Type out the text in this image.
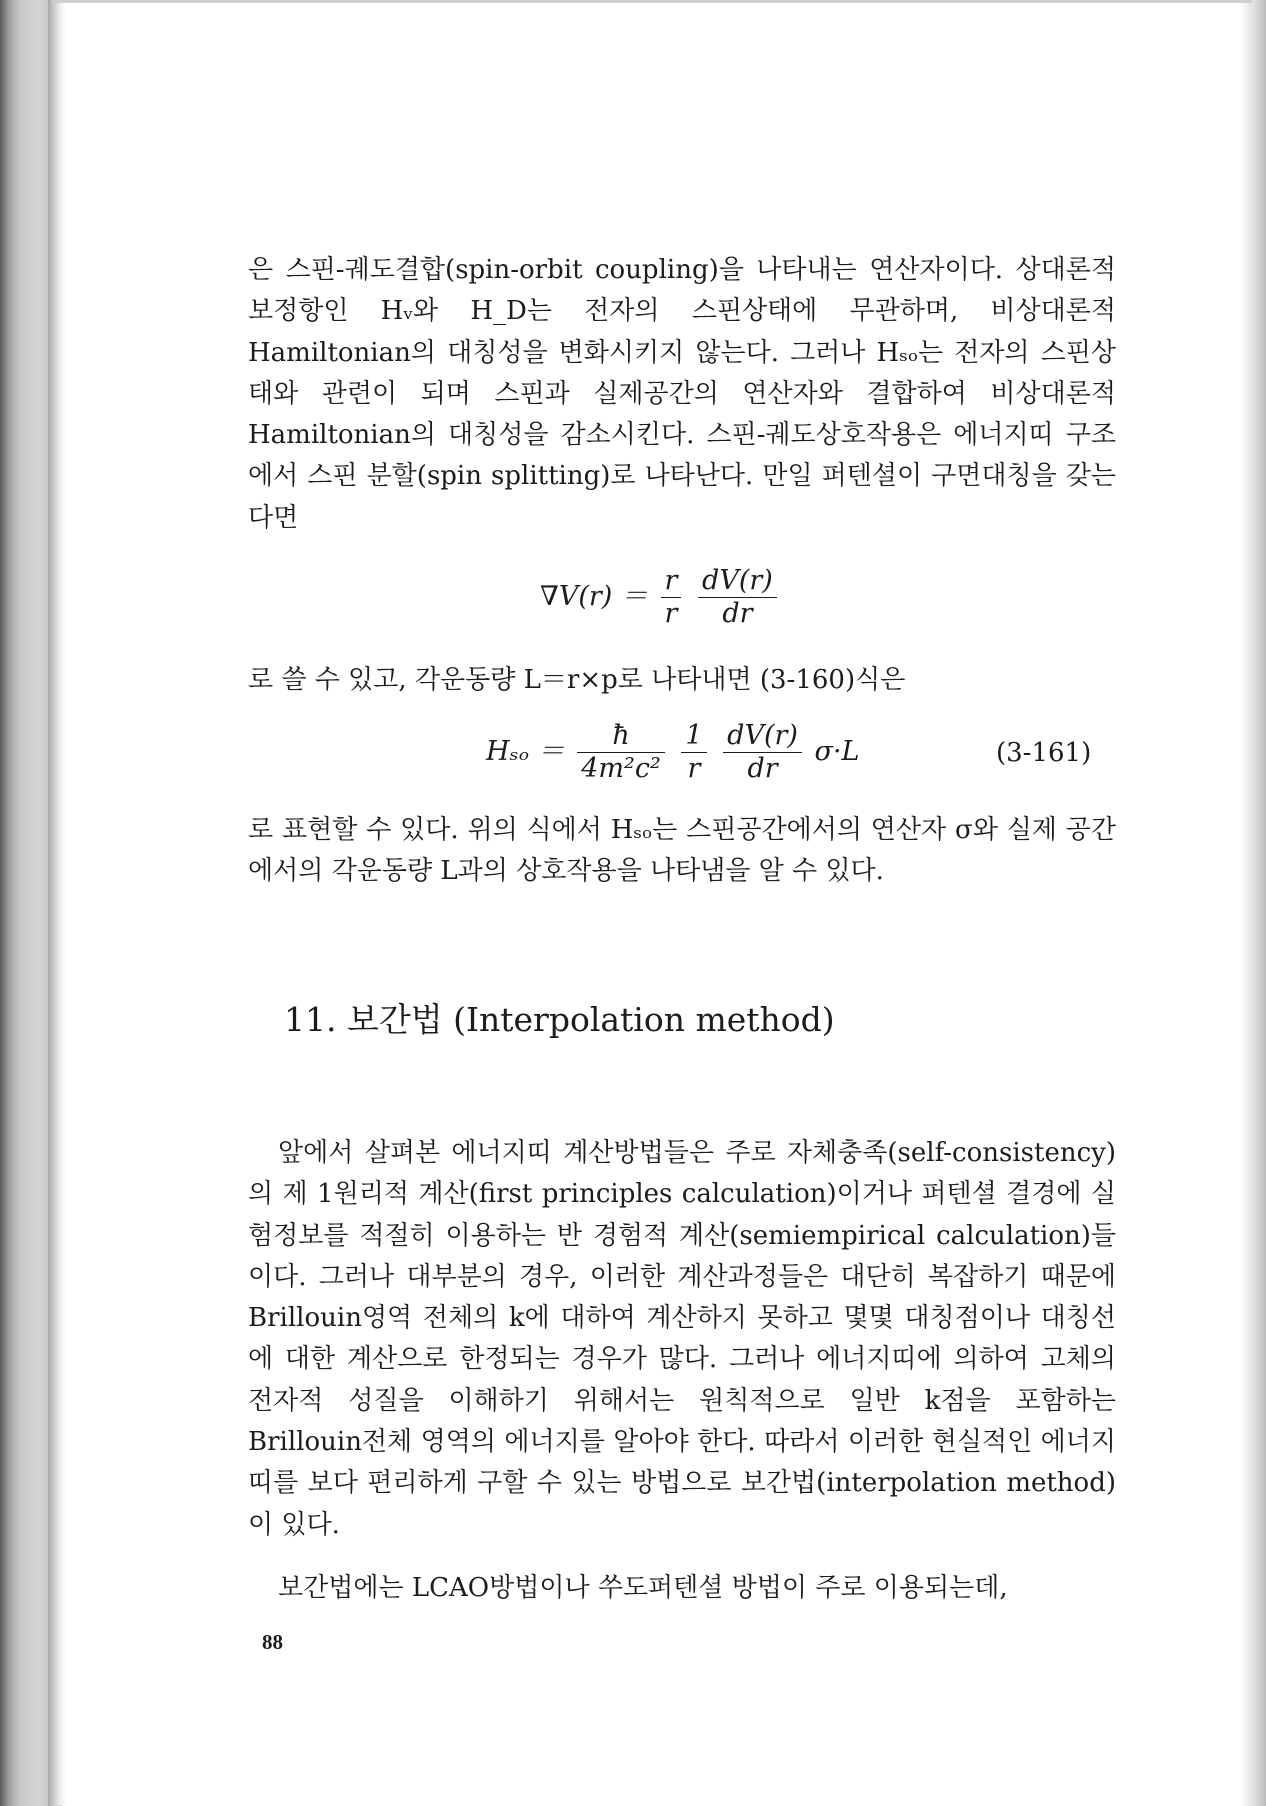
은 스핀-궤도결합(spin-orbit coupling)을 나타내는 연산자이다. 상대론적 보정항인 Hᵥ와 H_D는 전자의 스핀상태에 무관하며, 비상대론적 Hamiltonian의 대칭성을 변화시키지 않는다. 그러나 Hₛₒ는 전자의 스핀상태와 관련이 되며 스핀과 실제공간의 연산자와 결합하여 비상대론적 Hamiltonian의 대칭성을 감소시킨다. 스핀-궤도상호작용은 에너지띠 구조에서 스핀 분할(spin splitting)로 나타난다. 만일 퍼텐셜이 구면대칭을 갖는다면

$\nabla V(r) = \frac{r}{r}$
$\frac{dV(r)}{dr}$

로 쓸 수 있고, 각운동량 L＝r×p로 나타내면 (3-160)식은

$H_{so} = \frac{ħ}{\text{4m²c²}}$
$\frac{1}{r}$
$\frac{dV(r)}{dr} \sigma\cdot L$	(3-161)

로 표현할 수 있다. 위의 식에서 Hₛₒ는 스핀공간에서의 연산자 σ와 실제 공간에서의 각운동량 L과의 상호작용을 나타냄을 알 수 있다.

11. 보간법 (Interpolation method)

앞에서 살펴본 에너지띠 계산방법들은 주로 자체충족(self-consistency)의 제 1원리적 계산(first principles calculation)이거나 퍼텐셜 결경에 실험정보를 적절히 이용하는 반 경험적 계산(semiempirical calculation)들이다. 그러나 대부분의 경우, 이러한 계산과정들은 대단히 복잡하기 때문에 Brillouin영역 전체의 k에 대하여 계산하지 못하고 몇몇 대칭점이나 대칭선에 대한 계산으로 한정되는 경우가 많다. 그러나 에너지띠에 의하여 고체의 전자적 성질을 이해하기 위해서는 원칙적으로 일반 k점을 포함하는 Brillouin전체 영역의 에너지를 알아야 한다. 따라서 이러한 현실적인 에너지띠를 보다 편리하게 구할 수 있는 방법으로 보간법(interpolation method)이 있다.

보간법에는 LCAO방법이나 쑤도퍼텐셜 방법이 주로 이용되는데,

88
